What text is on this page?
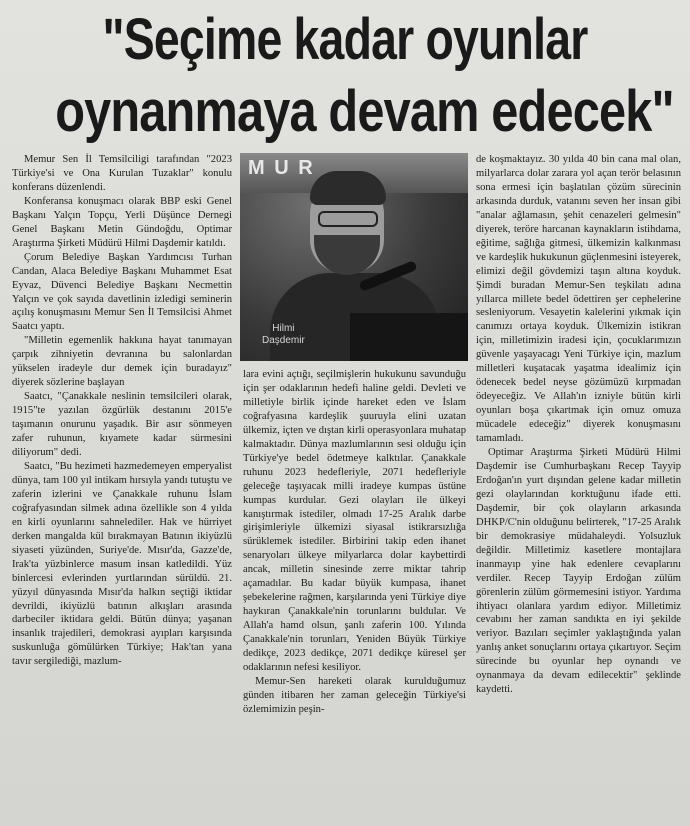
"Seçime kadar oyunlar
oynanmaya devam edecek"

Memur Sen İl Temsilciligi tarafından "2023 Türkiye'si ve Ona Kurulan Tuzaklar" konulu konferans düzenlendi.

Konferansa konuşmacı olarak BBP eski Genel Başkanı Yalçın Topçu, Yerli Düşünce Dernegi Genel Başkanı Metin Gündoğdu, Optimar Araştırma Şirketi Müdürü Hilmi Daşdemir katıldı.

Çorum Belediye Başkan Yardımcısı Turhan Candan, Alaca Belediye Başkanı Muhammet Esat Eyvaz, Düvenci Belediye Başkanı Necmettin Yalçın ve çok sayıda davetlinin izledigi seminerin açılış konuşmasını Memur Sen İl Temsilcisi Ahmet Saatcı yaptı.

"Milletin egemenlik hakkına hayat tanımayan çarpık zihniyetin devranına bu salonlardan yükselen iradeyle dur demek için buradayız" diyerek sözlerine başlayan

Saatcı, "Çanakkale neslinin temsilcileri olarak, 1915"te yazılan özgürlük destanını 2015'e taşımanın onurunu yaşadık. Bir asır sönmeyen zafer ruhunun, kıyamete kadar sürmesini diliyorum" dedi.

Saatcı, "Bu hezimeti hazmedemeyen emperyalist dünya, tam 100 yıl intikam hırsıyla yandı tutuştu ve zaferin izlerini ve Çanakkale ruhunu İslam coğrafyasından silmek adına özellikle son 4 yılda en kirli oyunlarını sahnelediler. Hak ve hürriyet derken mangalda kül bırakmayan Batının ikiyüzlü siyaseti yüzünden, Suriye'de. Mısır'da, Gazze'de, Irak'ta yüzbinlerce masum insan katledildi. Yüz binlercesi evlerinden yurtlarından sürüldü. 21. yüzyıl dünyasında Mısır'da halkın seçtiği iktidar devrildi, ikiyüzlü batının alkışları arasında darbeciler iktidara geldi. Bütün dünya; yaşanan insanlık trajedileri, demokrasi ayıpları karşısında suskunluğa gömülürken Türkiye; Hak'tan yana tavır sergilediği, mazlum-

M U R
Hilmi
Daşdemir

lara evini açtığı, seçilmişlerin hukukunu savunduğu için şer odaklarının hedefi haline geldi. Devleti ve milletiyle birlik içinde hareket eden ve İslam coğrafyasına kardeşlik şuuruyla elini uzatan ülkemiz, içten ve dıştan kirli operasyonlara muhatap kalmaktadır. Dünya mazlumlarının sesi olduğu için Türkiye'ye bedel ödetmeye kalktılar. Çanakkale ruhunu 2023 hedefleriyle, 2071 hedefleriyle geleceğe taşıyacak milli iradeye kumpas üstüne kumpas kurdular. Gezi olayları ile ülkeyi kanıştırmak istediler, olmadı 17-25 Aralık darbe girişimleriyle ülkemizi siyasal istikrarsızlığa sürüklemek istediler. Birbirini takip eden ihanet senaryoları ülkeye milyarlarca dolar kaybettirdi ancak, milletin sinesinde zerre miktar tahrip açamadılar. Bu kadar büyük kumpasa, ihanet şebekelerine rağmen, karşılarında yeni Türkiye diye haykıran Çanakkale'nin torunlarını buldular. Ve Allah'a hamd olsun, şanlı zaferin 100. Yılında Çanakkale'nin torunları, Yeniden Büyük Türkiye dedikçe, 2023 dedikçe, 2071 dedikçe küresel şer odaklarının nefesi kesiliyor.

Memur-Sen hareketi olarak kurulduğumuz günden itibaren her zaman geleceğin Türkiye'si özlemimizin peşin-

de koşmaktayız. 30 yılda 40 bin cana mal olan, milyarlarca dolar zarara yol açan terör belasının sona ermesi için başlatılan çözüm sürecinin arkasında durduk, vatanını seven her insan gibi "analar ağlamasın, şehit cenazeleri gelmesin" diyerek, teröre harcanan kaynakların istihdama, eğitime, sağlığa gitmesi, ülkemizin kalkınması ve kardeşlik hukukunun güçlenmesini isteyerek, elimizi değil gövdemizi taşın altına koyduk. Şimdi buradan Memur-Sen teşkilatı adına yıllarca millete bedel ödettiren şer cephelerine sesleniyorum. Vesayetin kalelerini yıkmak için canımızı ortaya koyduk. Ülkemizin istikran için, milletimizin iradesi için, çocuklarımızın güvenle yaşayacagı Yeni Türkiye için, mazlum milletleri kuşatacak yaşatma idealimiz için ödenecek bedel neyse gözümüzü kırpmadan ödeyeceğiz. Ve Allah'ın izniyle bütün kirli oyunları boşa çıkartmak için omuz omuza mücadele edeceğiz" diyerek konuşmasını tamamladı.

Optimar Araştırma Şirketi Müdürü Hilmi Daşdemir ise Cumhurbaşkanı Recep Tayyip Erdoğan'ın yurt dışından gelene kadar milletin gezi olaylarından korktuğunu ifade etti. Daşdemir, bir çok olayların arkasında DHKP/C'nin olduğunu belirterek, "17-25 Aralık bir demokrasiye müdahaleydi. Yolsuzluk değildir. Milletimiz kasetlere montajlara inanmayıp yine hak edenlere cevaplarını verdiler. Recep Tayyip Erdoğan zülüm görenlerin zülüm görmemesini istiyor. Yardıma ihtiyacı olanlara yardım ediyor. Milletimiz cevabını her zaman sandıkta en iyi şekilde veriyor. Bazıları seçimler yaklaştığında yalan yanlış anket sonuçlarını ortaya çıkartıyor. Seçim sürecinde bu oyunlar hep oynandı ve oynanmaya da devam edilecektir" şeklinde kaydetti.
